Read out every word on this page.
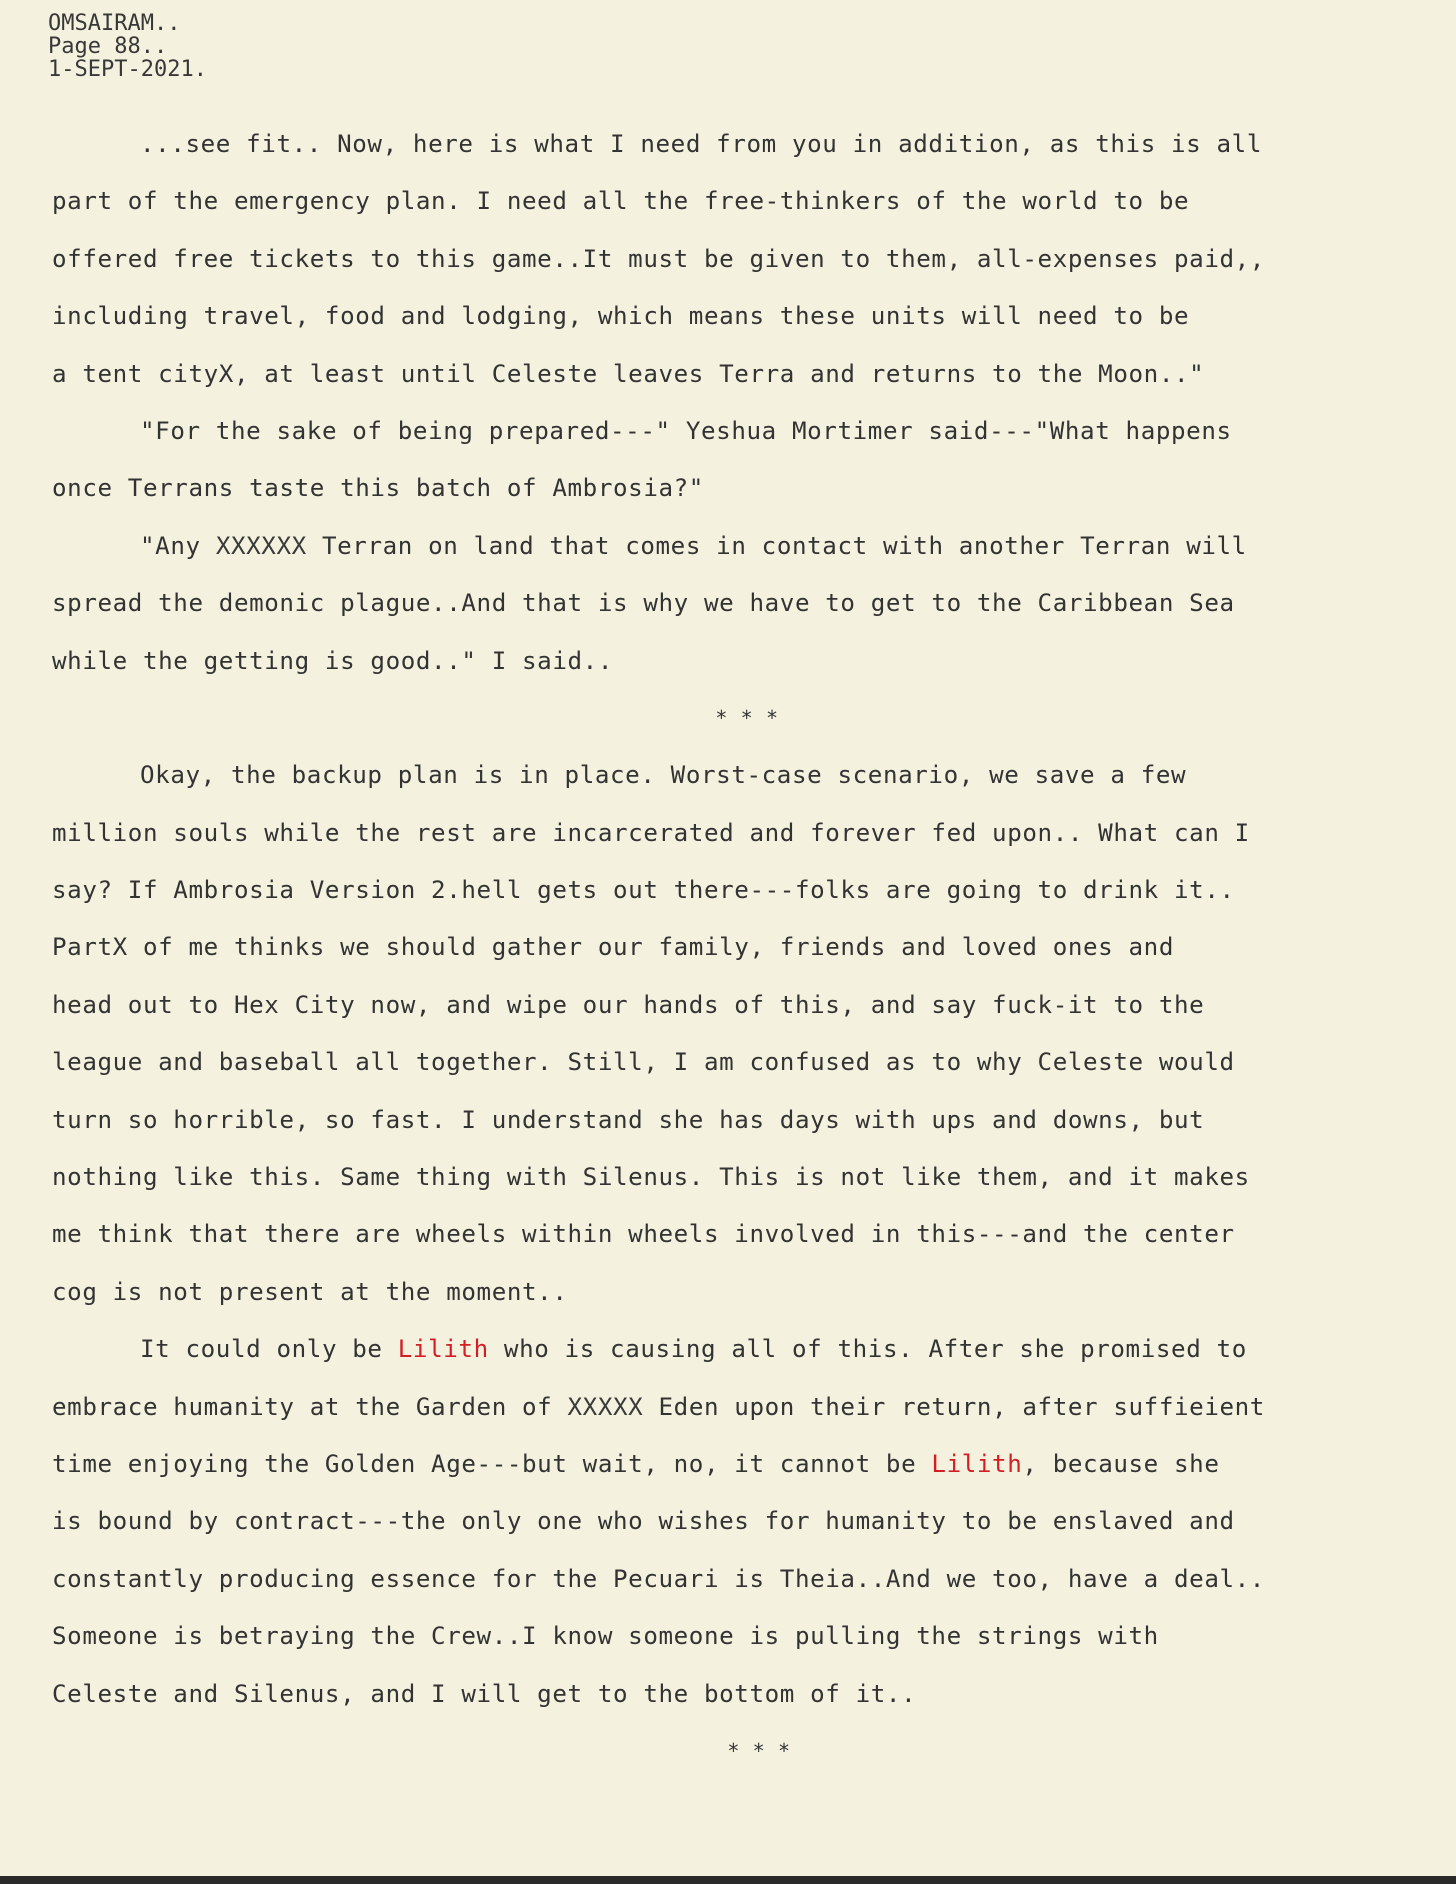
OMSAIRAM..
Page 88..
1-SEPT-2021.
...see fit.. Now, here is what I need from you in addition, as this is all
part of the emergency plan. I need all the free-thinkers of the world to be
offered free tickets to this game..It must be given to them, all-expenses paid,,
including travel, food and lodging, which means these units will need to be
a tent cityX, at least until Celeste leaves Terra and returns to the Moon.."
"For the sake of being prepared---" Yeshua Mortimer said---"What happens
once Terrans taste this batch of Ambrosia?"
"Any XXXXXX Terran on land that comes in contact with another Terran will
spread the demonic plague..And that is why we have to get to the Caribbean Sea
while the getting is good.." I said..
* * *
Okay, the backup plan is in place. Worst-case scenario, we save a few
million souls while the rest are incarcerated and forever fed upon.. What can I
say? If Ambrosia Version 2.hell gets out there---folks are going to drink it..
PartX of me thinks we should gather our family, friends and loved ones and
head out to Hex City now, and wipe our hands of this, and say fuck-it to the
league and baseball all together. Still, I am confused as to why Celeste would
turn so horrible, so fast. I understand she has days with ups and downs, but
nothing like this. Same thing with Silenus. This is not like them, and it makes
me think that there are wheels within wheels involved in this---and the center
cog is not present at the moment..
It could only be Lilith who is causing all of this. After she promised to
embrace humanity at the Garden of XXXXX Eden upon their return, after suffieient
time enjoying the Golden Age---but wait, no, it cannot be Lilith, because she
is bound by contract---the only one who wishes for humanity to be enslaved and
constantly producing essence for the Pecuari is Theia..And we too, have a deal..
Someone is betraying the Crew..I know someone is pulling the strings with
Celeste and Silenus, and I will get to the bottom of it..
* * *
